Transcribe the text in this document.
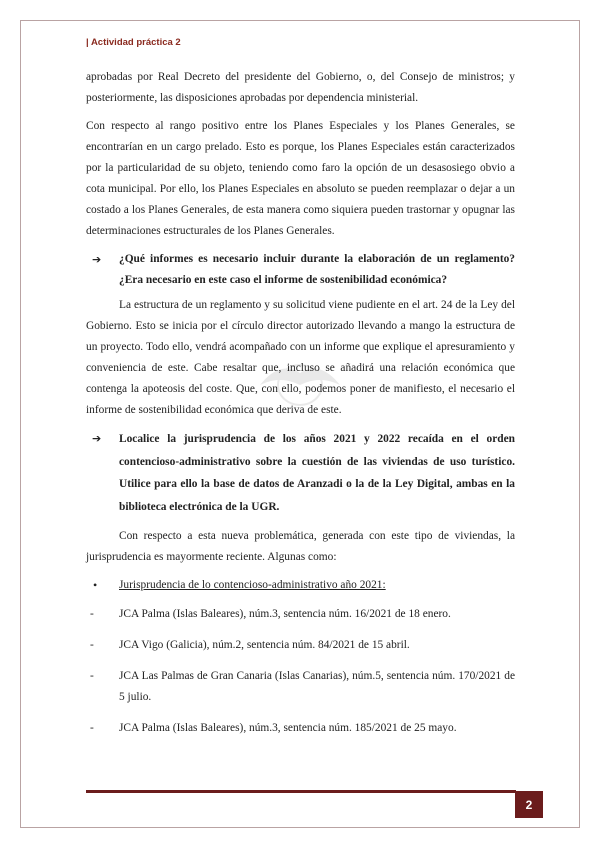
| Actividad práctica 2

aprobadas por Real Decreto del presidente del Gobierno, o, del Consejo de ministros; y posteriormente, las disposiciones aprobadas por dependencia ministerial.

Con respecto al rango positivo entre los Planes Especiales y los Planes Generales, se encontrarían en un cargo prelado. Esto es porque, los Planes Especiales están caracterizados por la particularidad de su objeto, teniendo como faro la opción de un desasosiego obvio a cota municipal. Por ello, los Planes Especiales en absoluto se pueden reemplazar o dejar a un costado a los Planes Generales, de esta manera como siquiera pueden trastornar y opugnar las determinaciones estructurales de los Planes Generales.

➔	¿Qué informes es necesario incluir durante la elaboración de un reglamento? ¿Era necesario en este caso el informe de sostenibilidad económica?

La estructura de un reglamento y su solicitud viene pudiente en el art. 24 de la Ley del Gobierno. Esto se inicia por el círculo director autorizado llevando a mango la estructura de un proyecto. Todo ello, vendrá acompañado con un informe que explique el apresuramiento y conveniencia de este. Cabe resaltar que, incluso se añadirá una relación económica que contenga la apoteosis del coste. Que, con ello, podemos poner de manifiesto, el necesario el informe de sostenibilidad económica que deriva de este.

➔	Localice la jurisprudencia de los años 2021 y 2022 recaída en el orden contencioso-administrativo sobre la cuestión de las viviendas de uso turístico. Utilice para ello la base de datos de Aranzadi o la de la Ley Digital, ambas en la biblioteca electrónica de la UGR.

Con respecto a esta nueva problemática, generada con este tipo de viviendas, la jurisprudencia es mayormente reciente. Algunas como:

•	Jurisprudencia de lo contencioso-administrativo año 2021:
-	JCA Palma (Islas Baleares), núm.3, sentencia núm. 16/2021 de 18 enero.
-	JCA Vigo (Galicia), núm.2, sentencia núm. 84/2021 de 15 abril.
-	JCA Las Palmas de Gran Canaria (Islas Canarias), núm.5, sentencia núm. 170/2021 de 5 julio.
-	JCA Palma (Islas Baleares), núm.3, sentencia núm. 185/2021 de 25 mayo.
2
